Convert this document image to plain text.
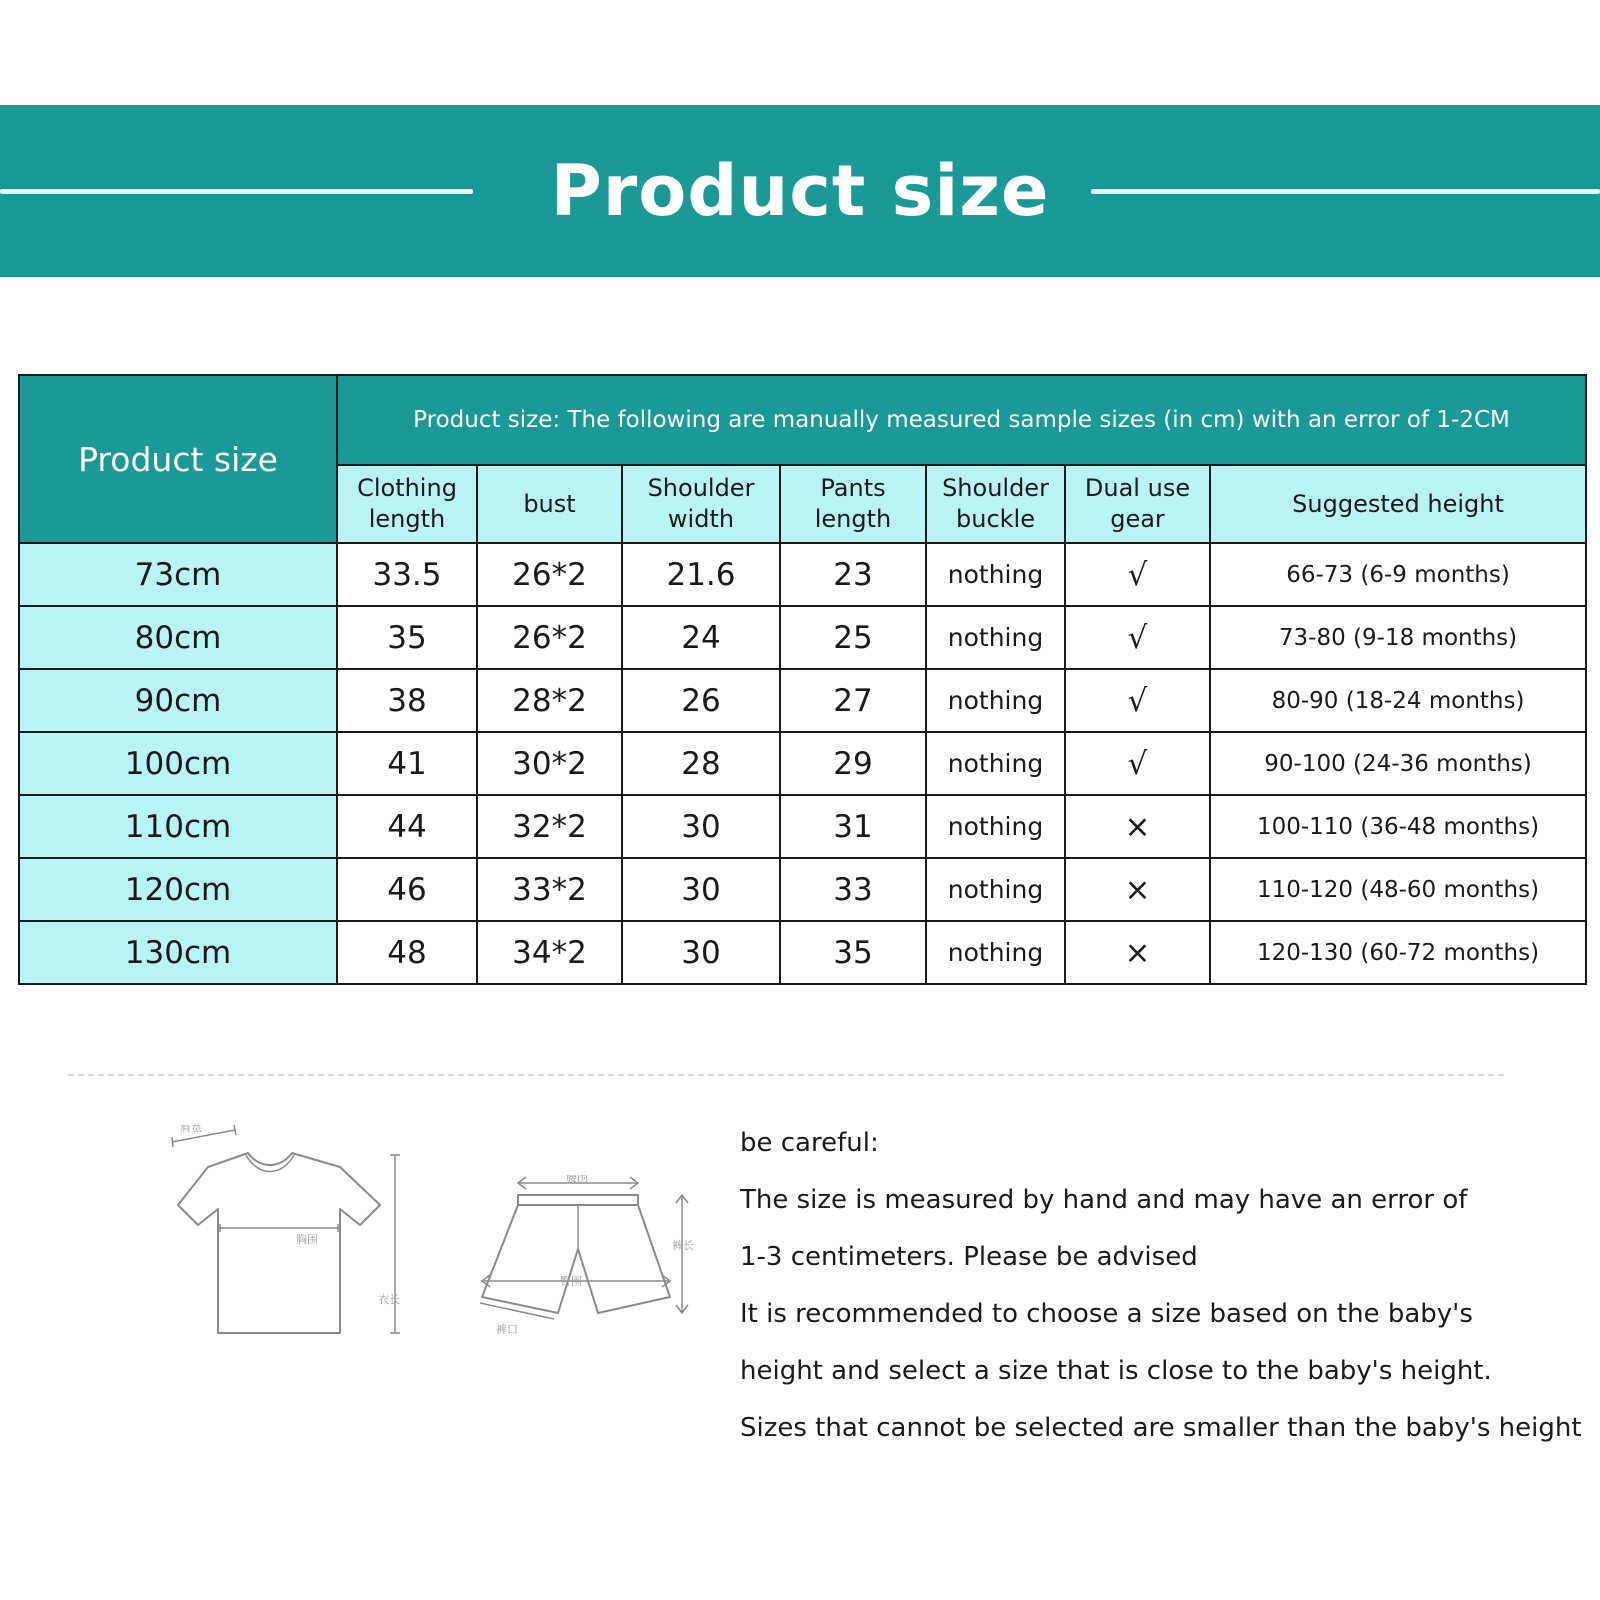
Product size
Product size	Product size: The following are manually measured sample sizes (in cm) with an error of 1-2CM						
	Clothing length	bust	Shoulder width	Pants length	Shoulder buckle	Dual use gear	Suggested height
73cm	33.5	26*2	21.6	23	nothing	√	66-73 (6-9 months)
80cm	35	26*2	24	25	nothing	√	73-80 (9-18 months)
90cm	38	28*2	26	27	nothing	√	80-90 (18-24 months)
100cm	41	30*2	28	29	nothing	√	90-100 (24-36 months)
110cm	44	32*2	30	31	nothing	×	100-110 (36-48 months)
120cm	46	33*2	30	33	nothing	×	110-120 (48-60 months)
130cm	48	34*2	30	35	nothing	×	120-130 (60-72 months)
肩宽
胸围
衣长
腰围
臀围
裤口
裤长

be careful:

The size is measured by hand and may have an error of

1-3 centimeters. Please be advised

It is recommended to choose a size based on the baby's

height and select a size that is close to the baby's height.

Sizes that cannot be selected are smaller than the baby's height
